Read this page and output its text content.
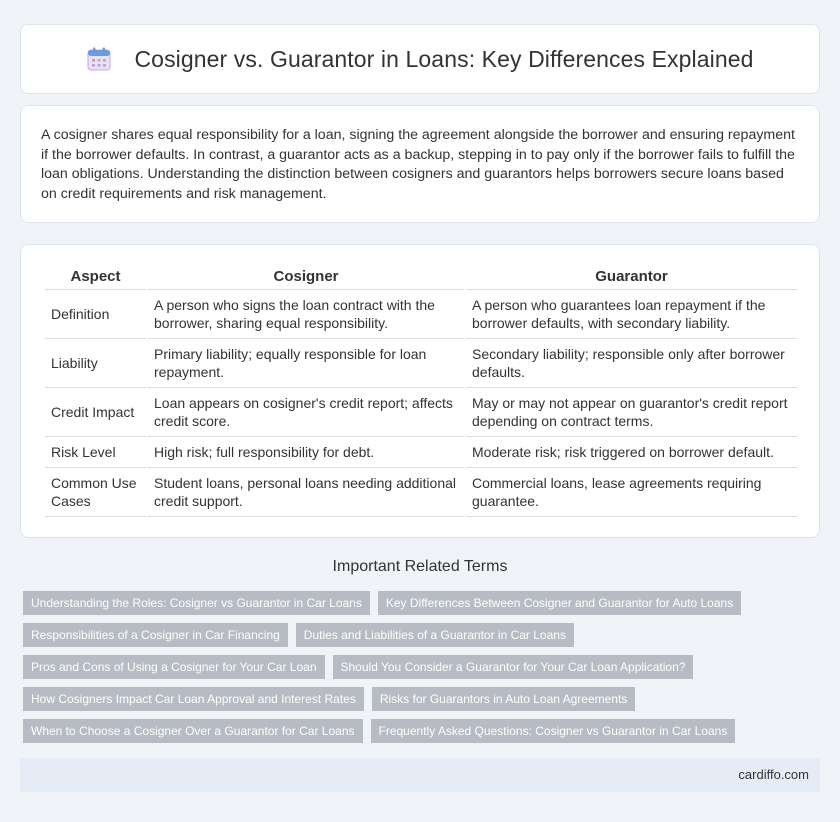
Cosigner vs. Guarantor in Loans: Key Differences Explained

A cosigner shares equal responsibility for a loan, signing the agreement alongside the borrower and ensuring repayment if the borrower defaults. In contrast, a guarantor acts as a backup, stepping in to pay only if the borrower fails to fulfill the loan obligations. Understanding the distinction between cosigners and guarantors helps borrowers secure loans based on credit requirements and risk management.

Aspect	Cosigner	Guarantor
Definition	A person who signs the loan contract with the borrower, sharing equal responsibility.	A person who guarantees loan repayment if the borrower defaults, with secondary liability.
Liability	Primary liability; equally responsible for loan repayment.	Secondary liability; responsible only after borrower defaults.
Credit Impact	Loan appears on cosigner's credit report; affects credit score.	May or may not appear on guarantor's credit report depending on contract terms.
Risk Level	High risk; full responsibility for debt.	Moderate risk; risk triggered on borrower default.
Common Use Cases	Student loans, personal loans needing additional credit support.	Commercial loans, lease agreements requiring guarantee.
Important Related Terms
Understanding the Roles: Cosigner vs Guarantor in Car Loans	Key Differences Between Cosigner and Guarantor for Auto Loans
Responsibilities of a Cosigner in Car Financing	Duties and Liabilities of a Guarantor in Car Loans
Pros and Cons of Using a Cosigner for Your Car Loan	Should You Consider a Guarantor for Your Car Loan Application?
How Cosigners Impact Car Loan Approval and Interest Rates	Risks for Guarantors in Auto Loan Agreements
When to Choose a Cosigner Over a Guarantor for Car Loans	Frequently Asked Questions: Cosigner vs Guarantor in Car Loans
cardiffo.com
